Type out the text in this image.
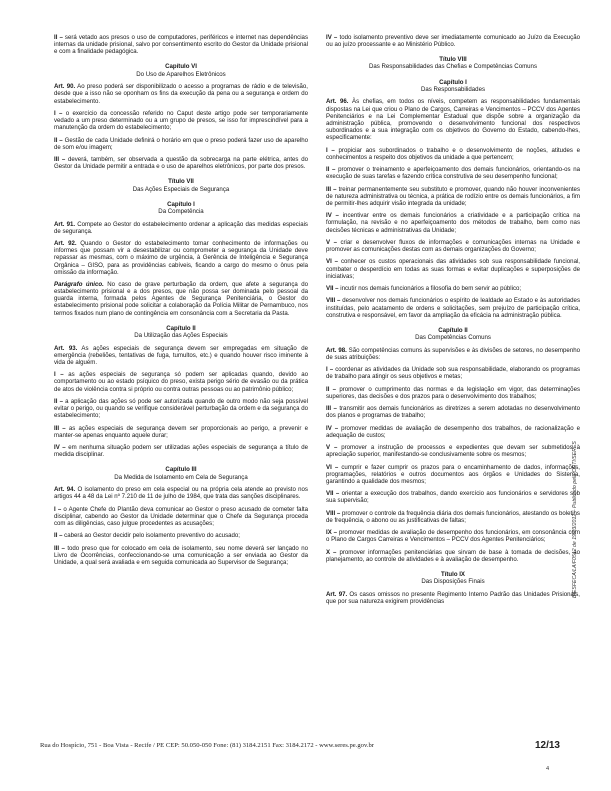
II – será vetado aos presos o uso de computadores, periféricos e internet nas dependências internas da unidade prisional, salvo por consentimento escrito do Gestor da Unidade prisional e com a finalidade pedagógica.

Capítulo VI

Do Uso de Aparelhos Eletrônicos

Art. 90. Ao preso poderá ser disponibilizado o acesso a programas de rádio e de televisão, desde que a isso não se oponham os fins da execução da pena ou a segurança e ordem do estabelecimento.

I – o exercício da concessão referido no Caput deste artigo pode ser temporariamente vedado a um preso determinado ou a um grupo de presos, se isso for imprescindível para a manutenção da ordem do estabelecimento;

II – Gestão de cada Unidade definirá o horário em que o preso poderá fazer uso de aparelho de som e/ou imagem;

III – deverá, também, ser observada a questão da sobrecarga na parte elétrica, antes do Gestor da Unidade permitir a entrada e o uso de aparelhos eletrônicos, por parte dos presos.

Título VII

Das Ações Especiais de Segurança

Capítulo I

Da Competência

Art. 91. Compete ao Gestor do estabelecimento ordenar a aplicação das medidas especiais de segurança.

Art. 92. Quando o Gestor do estabelecimento tomar conhecimento de informações ou informes que possam vir a desestabilizar ou comprometer a segurança da Unidade deve repassar as mesmas, com o máximo de urgência, à Gerência de Inteligência e Segurança Orgânica – GISO, para as providências cabíveis, ficando a cargo do mesmo o ônus pela omissão da informação.

Parágrafo único. No caso de grave perturbação da ordem, que afete a segurança do estabelecimento prisional e a dos presos, que não possa ser dominada pelo pessoal da guarda interna, formada pelos Agentes de Segurança Penitenciária, o Gestor do estabelecimento prisional pode solicitar a colaboração da Polícia Militar de Pernambuco, nos termos fixados num plano de contingência em consonância com a Secretaria da Pasta.

Capítulo II

Da Utilização das Ações Especiais

Art. 93. As ações especiais de segurança devem ser empregadas em situação de emergência (rebeliões, tentativas de fuga, tumultos, etc.) e quando houver risco iminente à vida de alguém.

I – as ações especiais de segurança só podem ser aplicadas quando, devido ao comportamento ou ao estado psíquico do preso, exista perigo sério de evasão ou da prática de atos de violência contra si próprio ou contra outras pessoas ou ao patrimônio público;

II – a aplicação das ações só pode ser autorizada quando de outro modo não seja possível evitar o perigo, ou quando se verifique considerável perturbação da ordem e da segurança do estabelecimento;

III – as ações especiais de segurança devem ser proporcionais ao perigo, a prevenir e manter-se apenas enquanto aquele durar;

IV – em nenhuma situação podem ser utilizadas ações especiais de segurança a título de medida disciplinar.

Capítulo III

Da Medida de Isolamento em Cela de Segurança

Art. 94. O isolamento do preso em cela especial ou na própria cela atende ao previsto nos artigos 44 a 48 da Lei nº 7.210 de 11 de julho de 1984, que trata das sanções disciplinares.

I – o Agente Chefe do Plantão deva comunicar ao Gestor o preso acusado de cometer falta disciplinar, cabendo ao Gestor da Unidade determinar que o Chefe da Segurança proceda com as diligências, caso julgue procedentes as acusações;

II – caberá ao Gestor decidir pelo isolamento preventivo do acusado;

III – todo preso que for colocado em cela de isolamento, seu nome deverá ser lançado no Livro de Ocorrências, confeccionando-se uma comunicação a ser enviada ao Gestor da Unidade, a qual será avaliada e em seguida comunicada ao Supervisor de Segurança;

IV – todo isolamento preventivo deve ser imediatamente comunicado ao Juízo da Execução ou ao juízo processante e ao Ministério Público.

Título VIII

Das Responsabilidades das Chefias e Competências Comuns

Capítulo I

Das Responsabilidades

Art. 96. Às chefias, em todos os níveis, competem as responsabilidades fundamentais dispostas na Lei que criou o Plano de Cargos, Carreiras e Vencimentos – PCCV dos Agentes Penitenciários e na Lei Complementar Estadual que dispõe sobre a organização da administração pública, promovendo o desenvolvimento funcional dos respectivos subordinados e a sua integração com os objetivos do Governo do Estado, cabendo-lhes, especificamente:

I – propiciar aos subordinados o trabalho e o desenvolvimento de noções, atitudes e conhecimentos a respeito dos objetivos da unidade a que pertencem;

II – promover o treinamento e aperfeiçoamento dos demais funcionários, orientando-os na execução de suas tarefas e fazendo crítica construtiva de seu desempenho funcional;

III – treinar permanentemente seu substituto e promover, quando não houver inconvenientes de natureza administrativa ou técnica, a prática de rodízio entre os demais funcionários, a fim de permitir-lhes adquirir visão integrada da unidade;

IV – incentivar entre os demais funcionários a criatividade e a participação crítica na formulação, na revisão e no aperfeiçoamento dos métodos de trabalho, bem como nas decisões técnicas e administrativas da Unidade;

V – criar e desenvolver fluxos de informações e comunicações internas na Unidade e promover as comunicações destas com as demais organizações do Governo;

VI – conhecer os custos operacionais das atividades sob sua responsabilidade funcional, combater o desperdício em todas as suas formas e evitar duplicações e superposições de iniciativas;

VII – incutir nos demais funcionários a filosofia do bem servir ao público;

VIII – desenvolver nos demais funcionários o espírito de lealdade ao Estado e às autoridades instituídas, pelo acatamento de ordens e solicitações, sem prejuízo de participação crítica, construtiva e responsável, em favor da ampliação da eficácia na administração pública.

Capítulo II

Das Competências Comuns

Art. 98. São competências comuns às supervisões e às divisões de setores, no desempenho de suas atribuições:

I – coordenar as atividades da Unidade sob sua responsabilidade, elaborando os programas de trabalho para atingir os seus objetivos e metas;

II – promover o cumprimento das normas e da legislação em vigor, das determinações superiores, das decisões e dos prazos para o desenvolvimento dos trabalhos;

III – transmitir aos demais funcionários as diretrizes a serem adotadas no desenvolvimento dos planos e programas de trabalho;

IV – promover medidas de avaliação de desempenho dos trabalhos, de racionalização e adequação de custos;

V – promover a instrução de processos e expedientes que devam ser submetidos à apreciação superior, manifestando-se conclusivamente sobre os mesmos;

VI – cumprir e fazer cumprir os prazos para o encaminhamento de dados, informações, programações, relatórios e outros documentos aos órgãos e Unidades do Sistema, garantindo a qualidade dos mesmos;

VII – orientar a execução dos trabalhos, dando exercício aos funcionários e servidores sob sua supervisão;

VIII – promover o controle da frequência diária dos demais funcionários, atestando os boletins de frequência, o abono ou as justificativas de faltas;

IX – promover medidas de avaliação de desempenho dos funcionários, em consonância com o Plano de Cargos Carreiras e Vencimentos – PCCV dos Agentes Penitenciários;

X – promover informações penitenciárias que sirvam de base à tomada de decisões, ao planejamento, ao controle de atividades e à avaliação de desempenho.

Título IX

Das Disposições Finais

Art. 97. Os casos omissos no presente Regimento Interno Padrão das Unidades Prisionais, que por sua natureza exigirem providências

Rua do Hospício, 751 - Boa Vista - Recife / PE CEP: 50.050-050 Fone: (81) 3184.2151 Fax: 3184.2172 - www.seres.pe.gov.br	12/13
BIESFECA/LA/F0512 de 19/03/2012 – Publicado pela CGTI/SERES
4
